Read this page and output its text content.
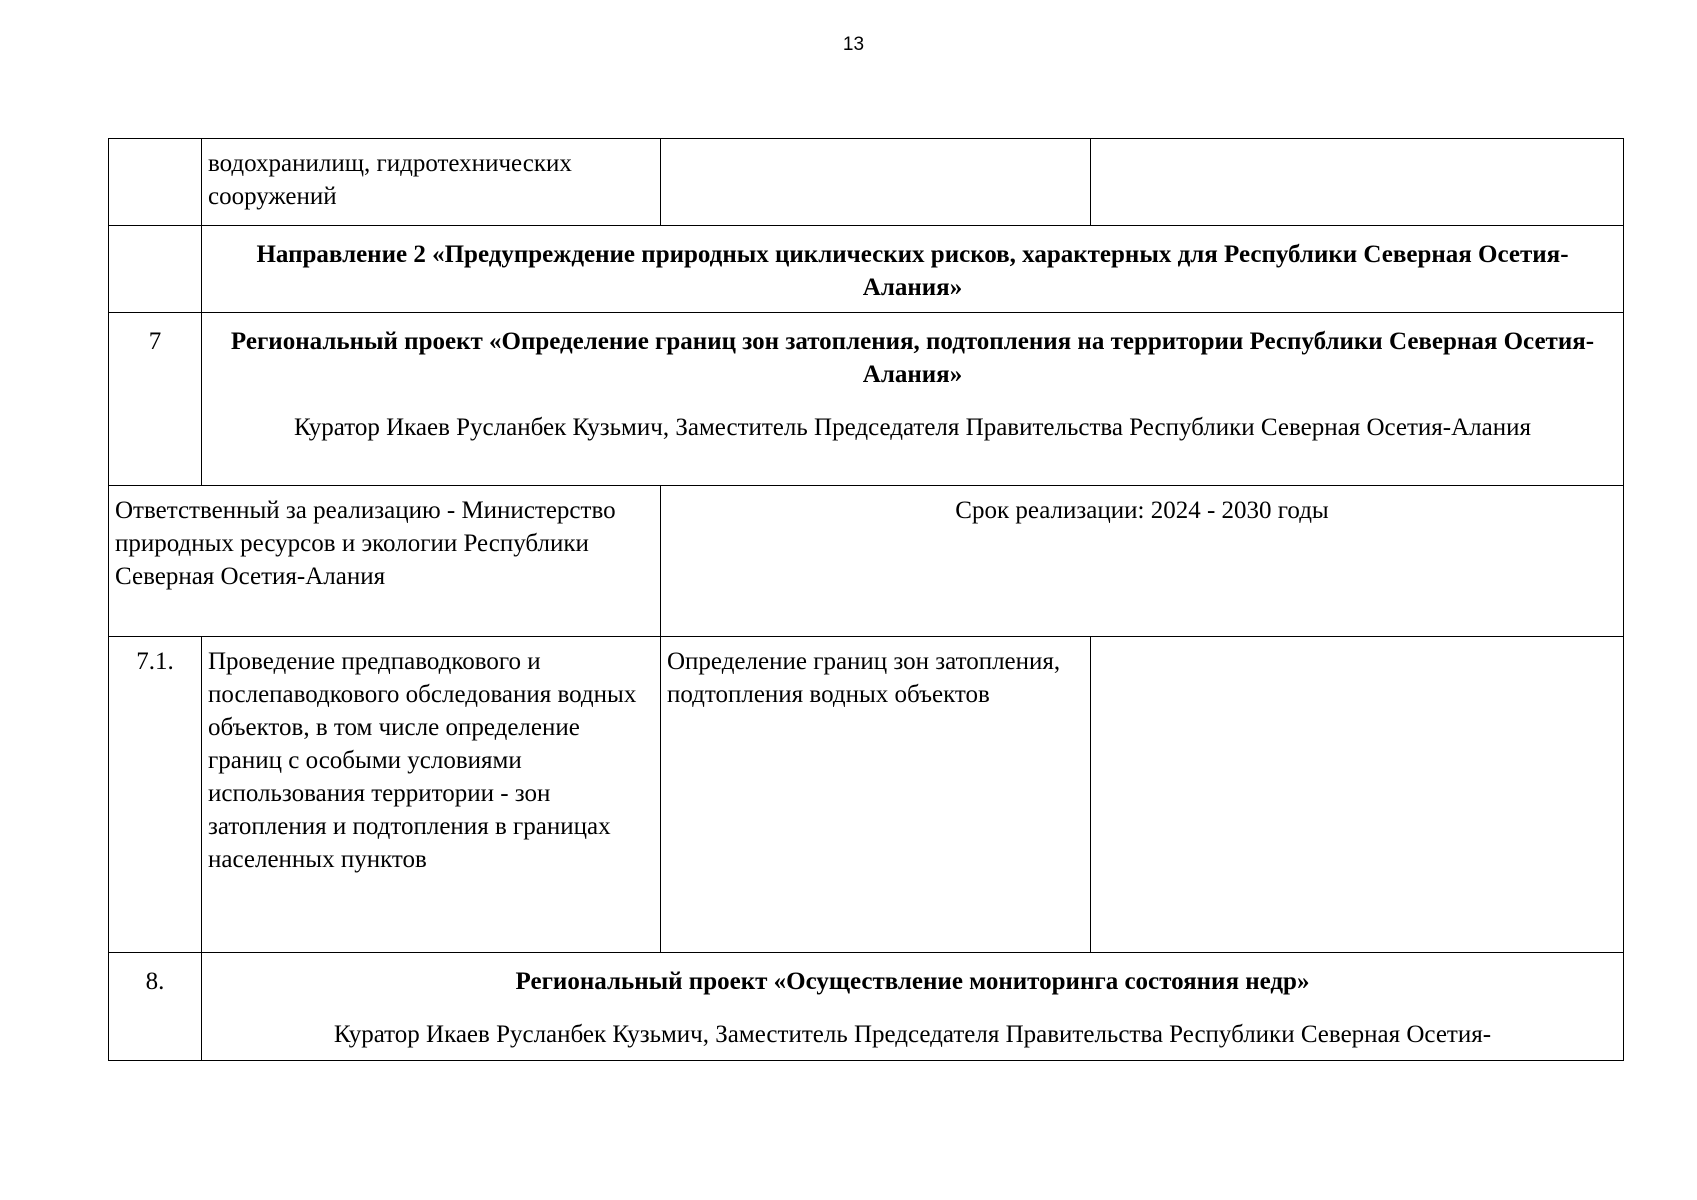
13
	водохранилищ, гидротехнических сооружений		
	Направление 2 «Предупреждение природных циклических рисков, характерных для Республики Северная Осетия-Алания»		
7	Региональный проект «Определение границ зон затопления, подтопления на территории Республики Северная Осетия-Алания»
Куратор Икаев Русланбек Кузьмич, Заместитель Председателя Правительства Республики Северная Осетия-Алания		

Ответственный за реализацию - Министерство природных ресурсов и экологии Республики Северная Осетия-Алания		Срок реализации: 2024 - 2030 годы	
7.1.	Проведение предпаводкового и послепаводкового обследования водных объектов, в том числе определение границ с особыми условиями использования территории - зон затопления и подтопления в границах населенных пунктов	Определение границ зон затопления, подтопления водных объектов	
8.	Региональный проект «Осуществление мониторинга состояния недр»
Куратор Икаев Русланбек Кузьмич, Заместитель Председателя Правительства Республики Северная Осетия-		
